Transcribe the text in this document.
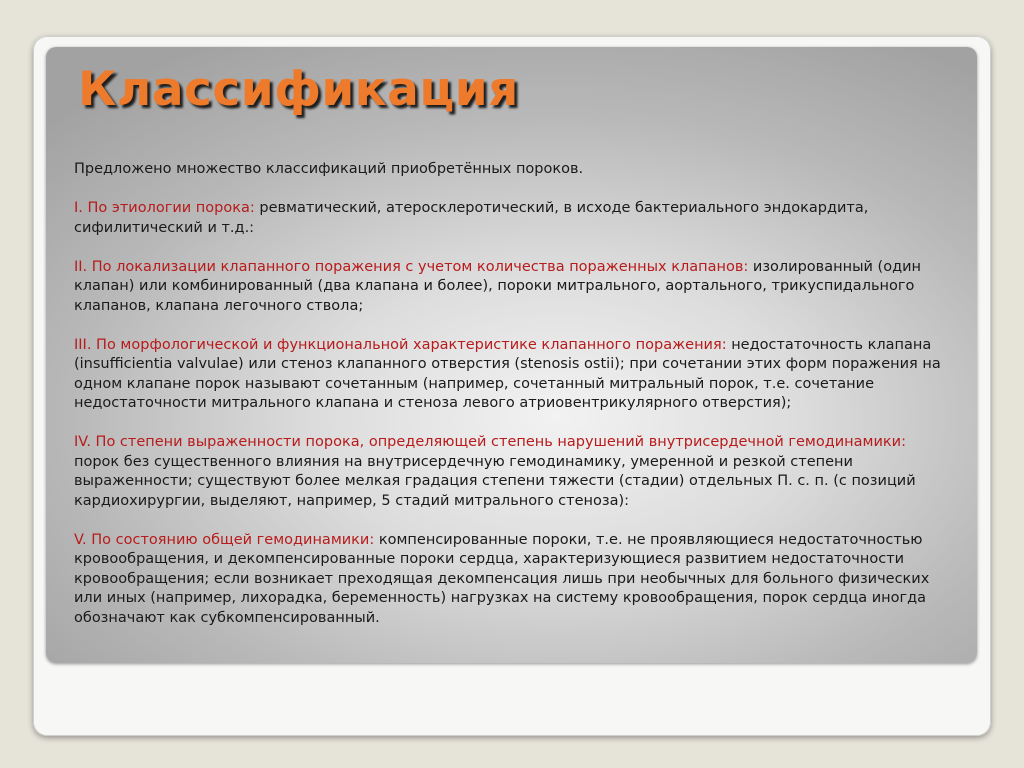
Классификация

Предложено множество классификаций приобретённых пороков.

I. По этиологии порока: ревматический, атеросклеротический, в исходе бактериального эндокардита, сифилитический и т.д.:

II. По локализации клапанного поражения с учетом количества пораженных клапанов: изолированный (один клапан) или комбинированный (два клапана и более), пороки митрального, аортального, трикуспидального клапанов, клапана легочного ствола;

III. По морфологической и функциональной характеристике клапанного поражения: недостаточность клапана (insufficientia valvulae) или стеноз клапанного отверстия (stenosis ostii); при сочетании этих форм поражения на одном клапане порок называют сочетанным (например, сочетанный митральный порок, т.е. сочетание недостаточности митрального клапана и стеноза левого атриовентрикулярного отверстия);

IV. По степени выраженности порока, определяющей степень нарушений внутрисердечной гемодинамики: порок без существенного влияния на внутрисердечную гемодинамику, умеренной и резкой степени выраженности; существуют более мелкая градация степени тяжести (стадии) отдельных П. с. п. (с позиций кардиохирургии, выделяют, например, 5 стадий митрального стеноза):

V. По состоянию общей гемодинамики: компенсированные пороки, т.е. не проявляющиеся недостаточностью кровообращения, и декомпенсированные пороки сердца, характеризующиеся развитием недостаточности кровообращения; если возникает преходящая декомпенсация лишь при необычных для больного физических или иных (например, лихорадка, беременность) нагрузках на систему кровообращения, порок сердца иногда обозначают как субкомпенсированный.
